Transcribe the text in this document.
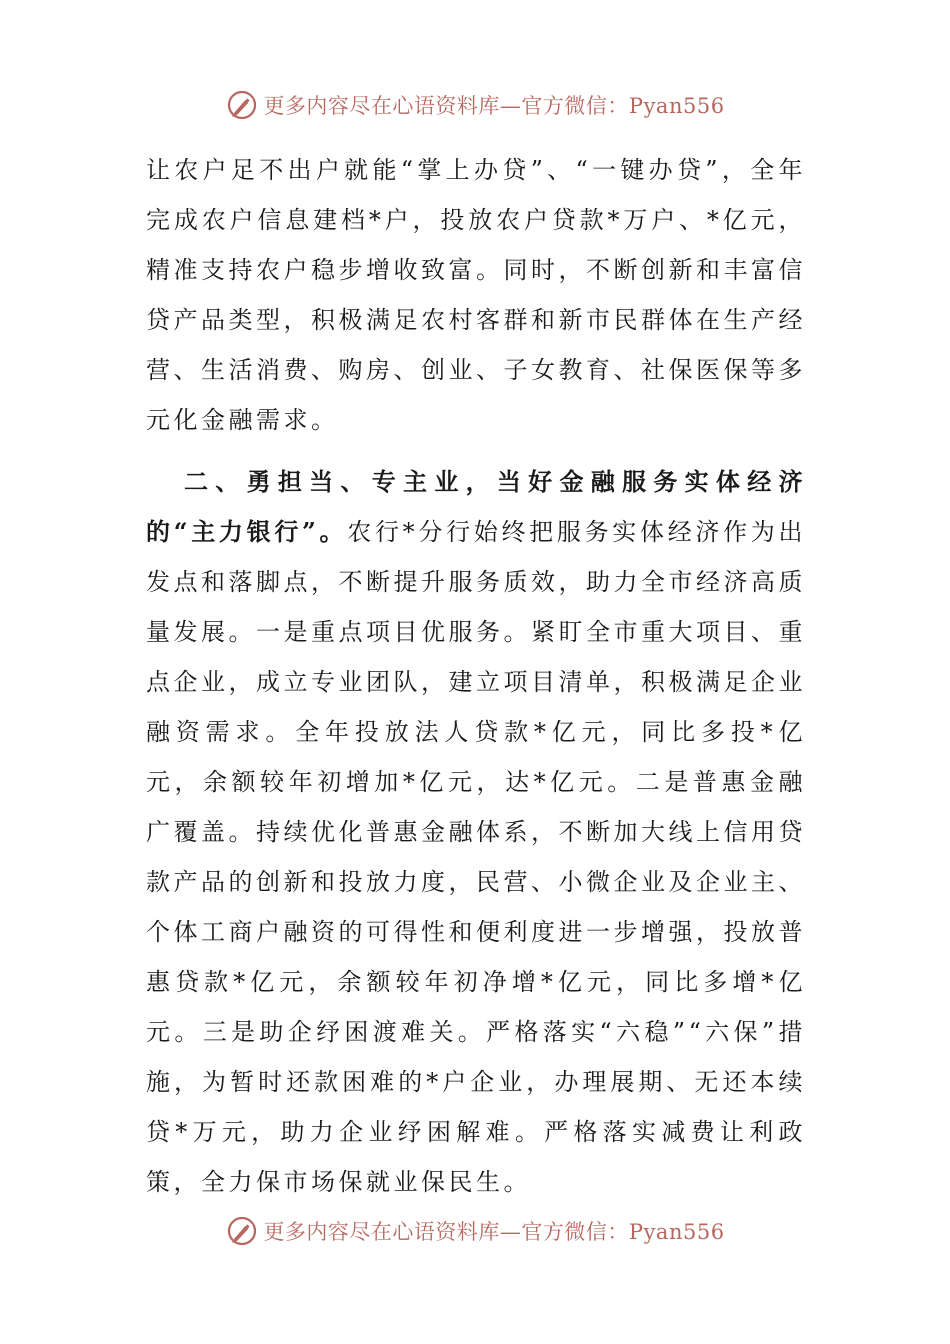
更多内容尽在心语资料库—官方微信：Pyan556

让农户足不出户就能“掌上办贷”、“一键办贷”，全年完成农户信息建档*户，投放农户贷款*万户、*亿元，精准支持农户稳步增收致富。同时，不断创新和丰富信贷产品类型，积极满足农村客群和新市民群体在生产经营、生活消费、购房、创业、子女教育、社保医保等多元化金融需求。

二、勇担当、专主业，当好金融服务实体经济的“主力银行”。农行*分行始终把服务实体经济作为出发点和落脚点，不断提升服务质效，助力全市经济高质量发展。一是重点项目优服务。紧盯全市重大项目、重点企业，成立专业团队，建立项目清单，积极满足企业融资需求。全年投放法人贷款*亿元，同比多投*亿元，余额较年初增加*亿元，达*亿元。二是普惠金融广覆盖。持续优化普惠金融体系，不断加大线上信用贷款产品的创新和投放力度，民营、小微企业及企业主、个体工商户融资的可得性和便利度进一步增强，投放普惠贷款*亿元，余额较年初净增*亿元，同比多增*亿元。三是助企纾困渡难关。严格落实“六稳”“六保”措施，为暂时还款困难的*户企业，办理展期、无还本续贷*万元，助力企业纾困解难。严格落实减费让利政策，全力保市场保就业保民生。

更多内容尽在心语资料库—官方微信：Pyan556
